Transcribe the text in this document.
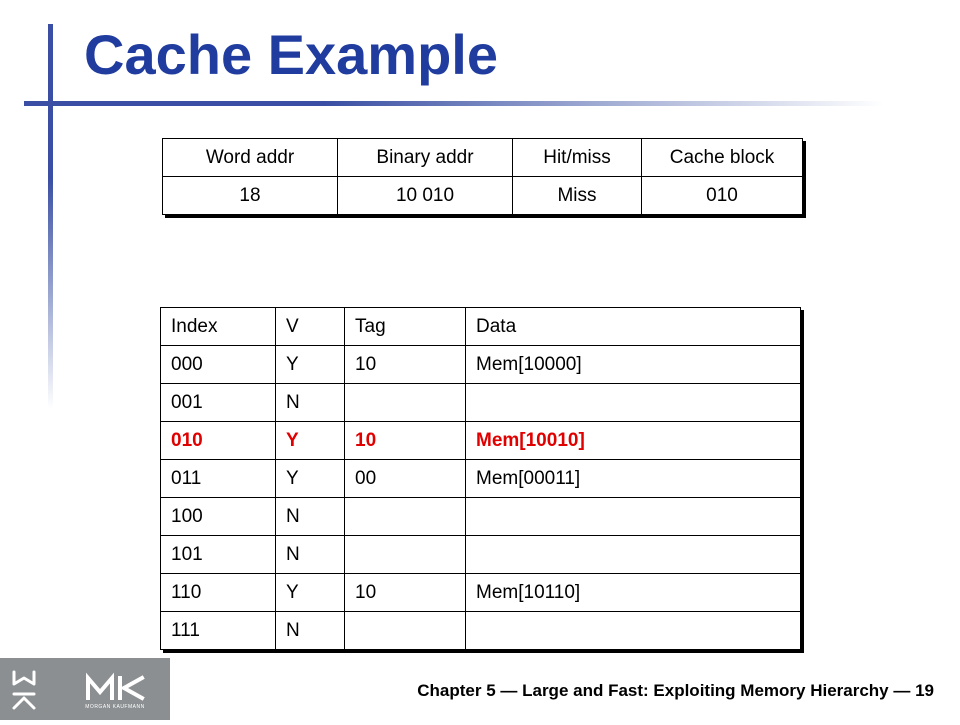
Cache Example
Word addr	Binary addr	Hit/miss	Cache block
18	10 010	Miss	010
Index	V	Tag	Data
000	Y	10	Mem[10000]
001	N		
010	Y	10	Mem[10010]
011	Y	00	Mem[00011]
100	N		
101	N		
110	Y	10	Mem[10110]
111	N		
MORGAN KAUFMANN
Chapter 5 — Large and Fast: Exploiting Memory Hierarchy — 19
